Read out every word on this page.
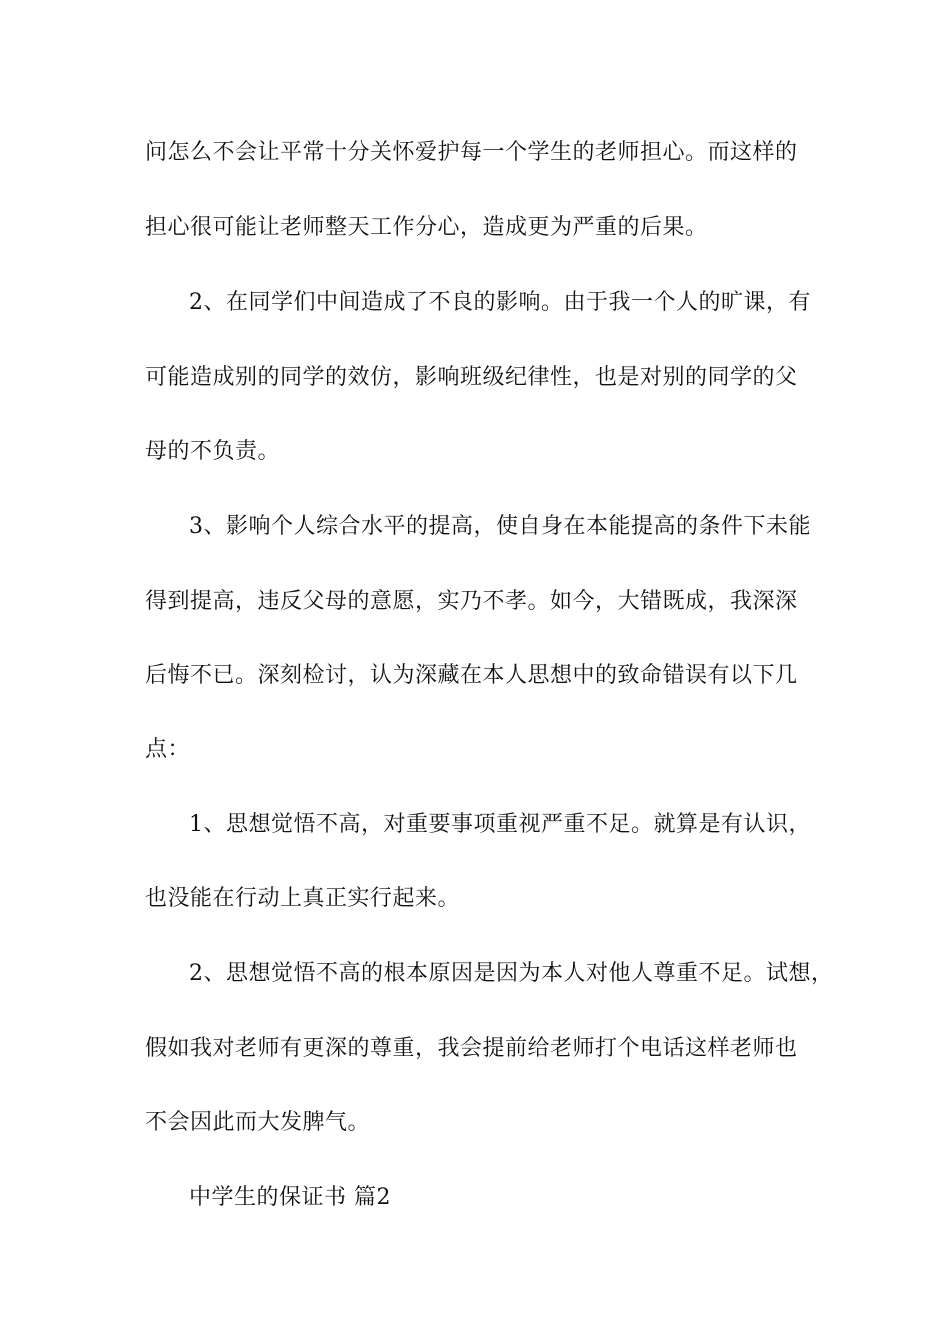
问怎么不会让平常十分关怀爱护每一个学生的老师担心。而这样的
担心很可能让老师整天工作分心，造成更为严重的后果。
2、在同学们中间造成了不良的影响。由于我一个人的旷课，有
可能造成别的同学的效仿，影响班级纪律性，也是对别的同学的父
母的不负责。
3、影响个人综合水平的提高，使自身在本能提高的条件下未能
得到提高，违反父母的意愿，实乃不孝。如今，大错既成，我深深
后悔不已。深刻检讨，认为深藏在本人思想中的致命错误有以下几
点：
1、思想觉悟不高，对重要事项重视严重不足。就算是有认识，
也没能在行动上真正实行起来。
2、思想觉悟不高的根本原因是因为本人对他人尊重不足。试想，
假如我对老师有更深的尊重，我会提前给老师打个电话这样老师也
不会因此而大发脾气。
中学生的保证书 篇2
